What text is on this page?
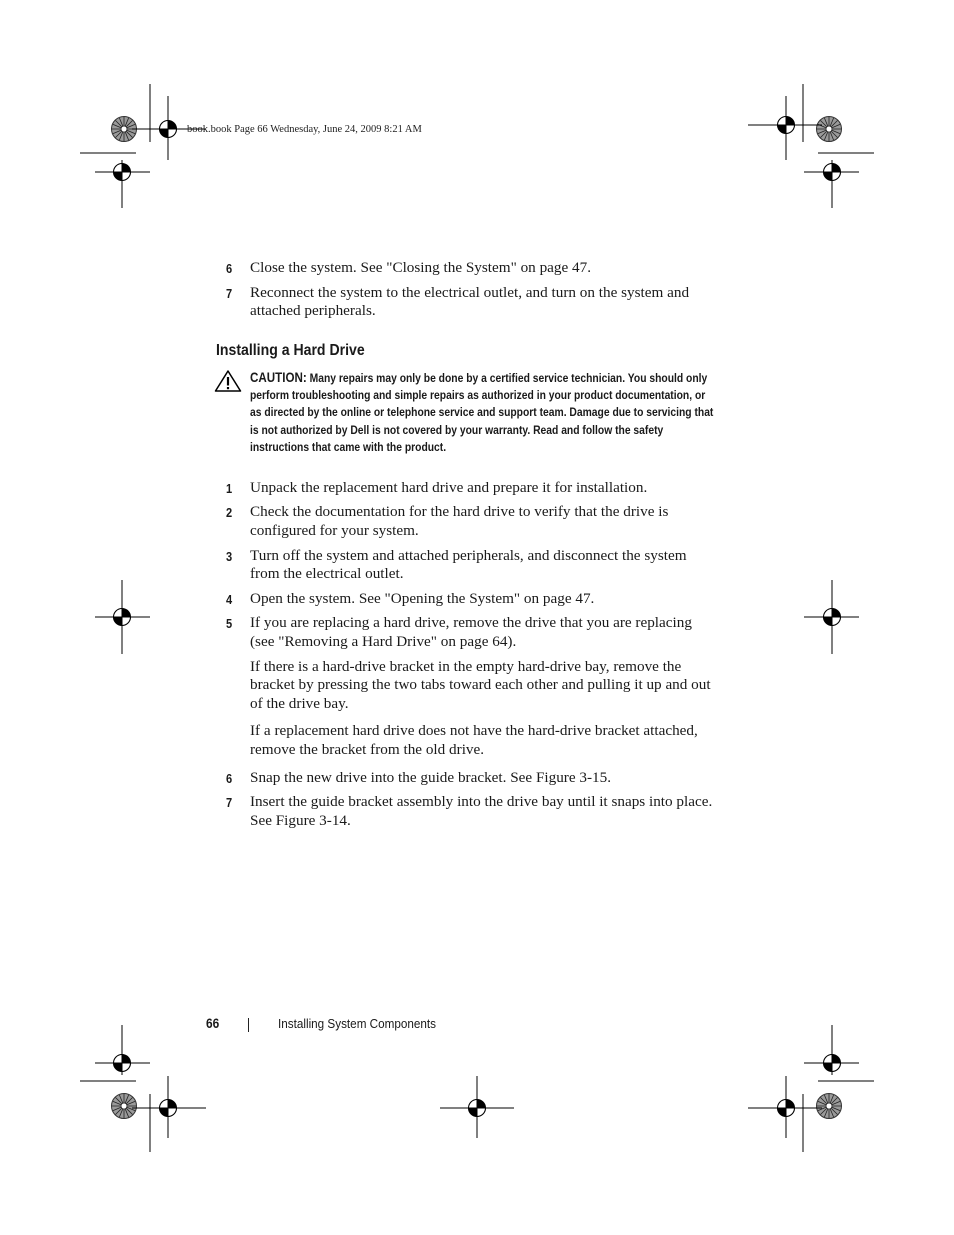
book.book Page 66 Wednesday, June 24, 2009 8:21 AM
6 Close the system. See "Closing the System" on page 47.
7 Reconnect the system to the electrical outlet, and turn on the system and attached peripherals.
Installing a Hard Drive
CAUTION: Many repairs may only be done by a certified service technician. You should only perform troubleshooting and simple repairs as authorized in your product documentation, or as directed by the online or telephone service and support team. Damage due to servicing that is not authorized by Dell is not covered by your warranty. Read and follow the safety instructions that came with the product.
1 Unpack the replacement hard drive and prepare it for installation.
2 Check the documentation for the hard drive to verify that the drive is configured for your system.
3 Turn off the system and attached peripherals, and disconnect the system from the electrical outlet.
4 Open the system. See "Opening the System" on page 47.
5 If you are replacing a hard drive, remove the drive that you are replacing (see "Removing a Hard Drive" on page 64).
If there is a hard-drive bracket in the empty hard-drive bay, remove the bracket by pressing the two tabs toward each other and pulling it up and out of the drive bay.
If a replacement hard drive does not have the hard-drive bracket attached, remove the bracket from the old drive.
6 Snap the new drive into the guide bracket. See Figure 3-15.
7 Insert the guide bracket assembly into the drive bay until it snaps into place. See Figure 3-14.
66	Installing System Components
